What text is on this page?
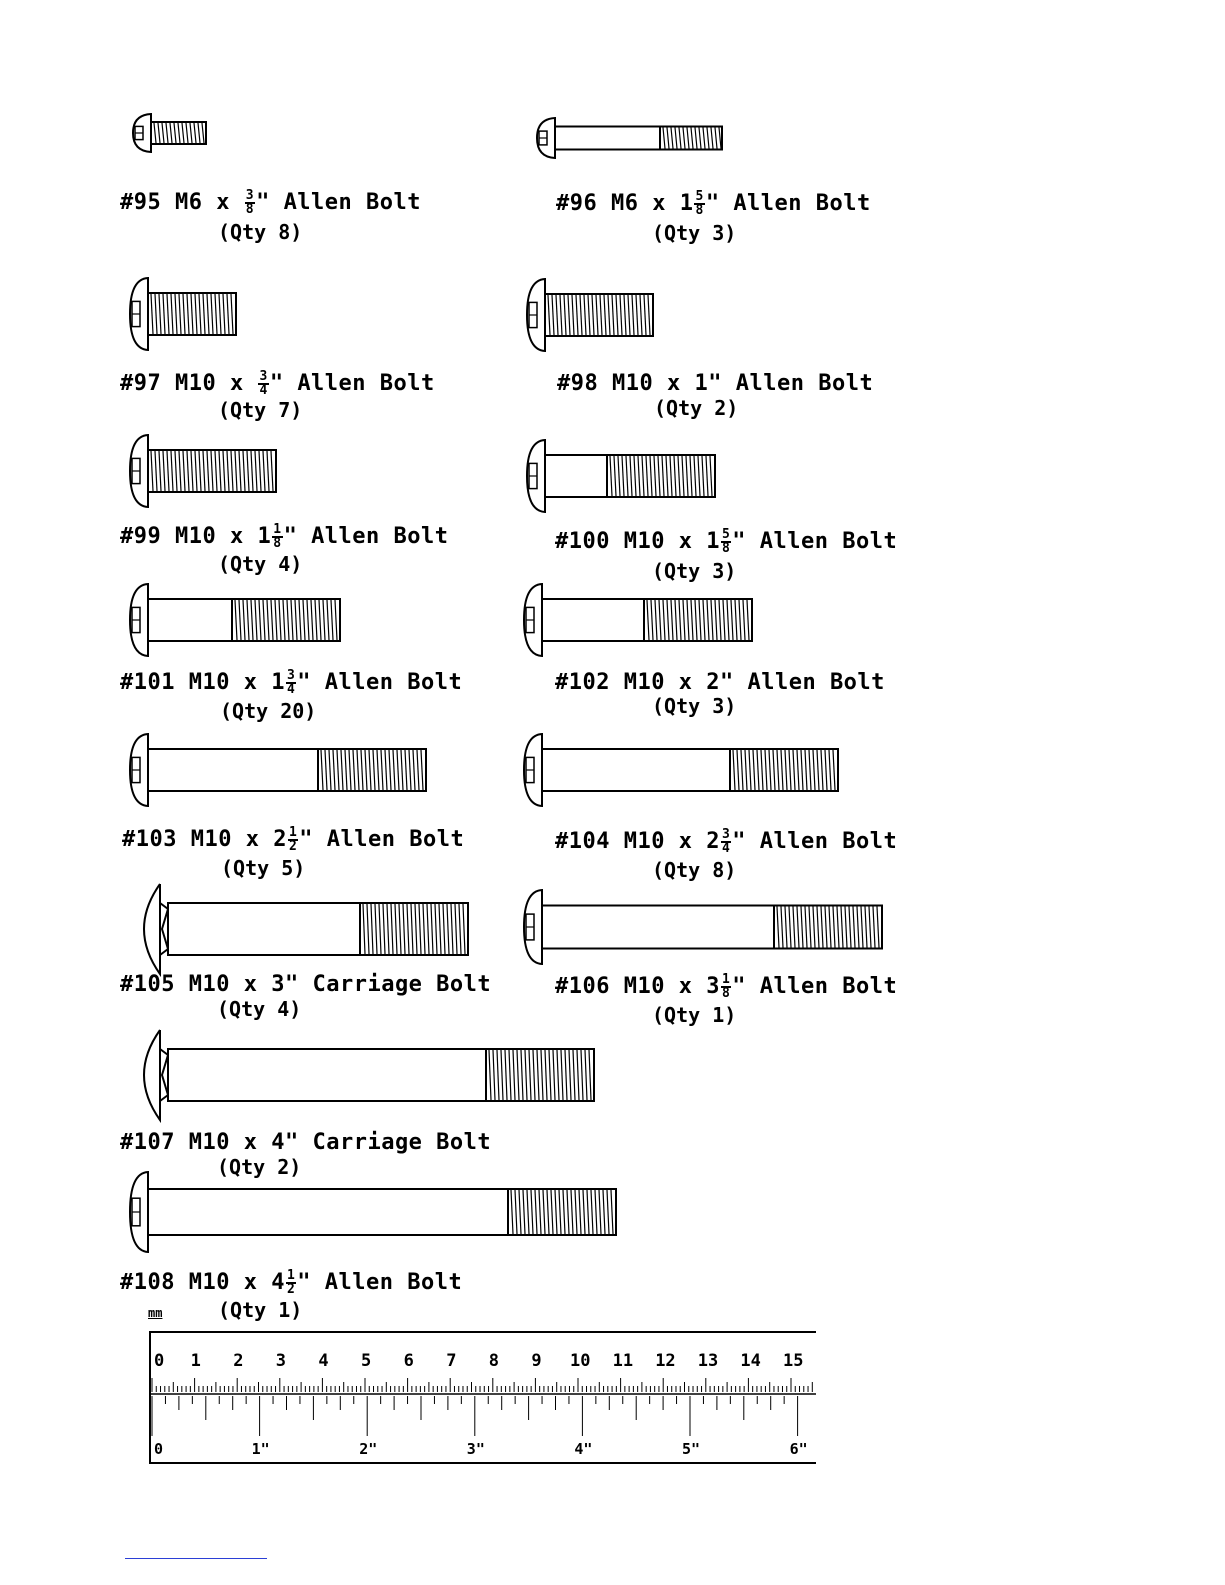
#95 M6 x $\frac{3}{8}$ " Allen Bolt
(Qty 8)
#96 M6 x $1 \frac{5}{8}$ " Allen Bolt
(Qty 3)
#97 M10 x $\frac{3}{4}$ " Allen Bolt
(Qty 7)
#98 M10 x 1" Allen Bolt
(Qty 2)
#99 M10 x $1 \frac{1}{8}$ " Allen Bolt
(Qty 4)
#100 M10 x $1 \frac{5}{8}$ " Allen Bolt
(Qty 3)
#101 M10 x $1 \frac{3}{4}$ " Allen Bolt
(Qty 20)
#102 M10 x 2" Allen Bolt
(Qty 3)
#103 M10 x $2 \frac{1}{2}$ " Allen Bolt
(Qty 5)
#104 M10 x $2 \frac{3}{4}$ " Allen Bolt
(Qty 8)
#105 M10 x 3" Carriage Bolt
(Qty 4)
#106 M10 x $3 \frac{1}{8}$ " Allen Bolt
(Qty 1)
#107 M10 x 4" Carriage Bolt
(Qty 2)
#108 M10 x $4 \frac{1}{2}$ " Allen Bolt
(Qty 1)
mm
0 1 2 3 4 5 6 7 8 9 10 11 12 13 14 15
0	1"	2"	3"	4"	5"	6"
